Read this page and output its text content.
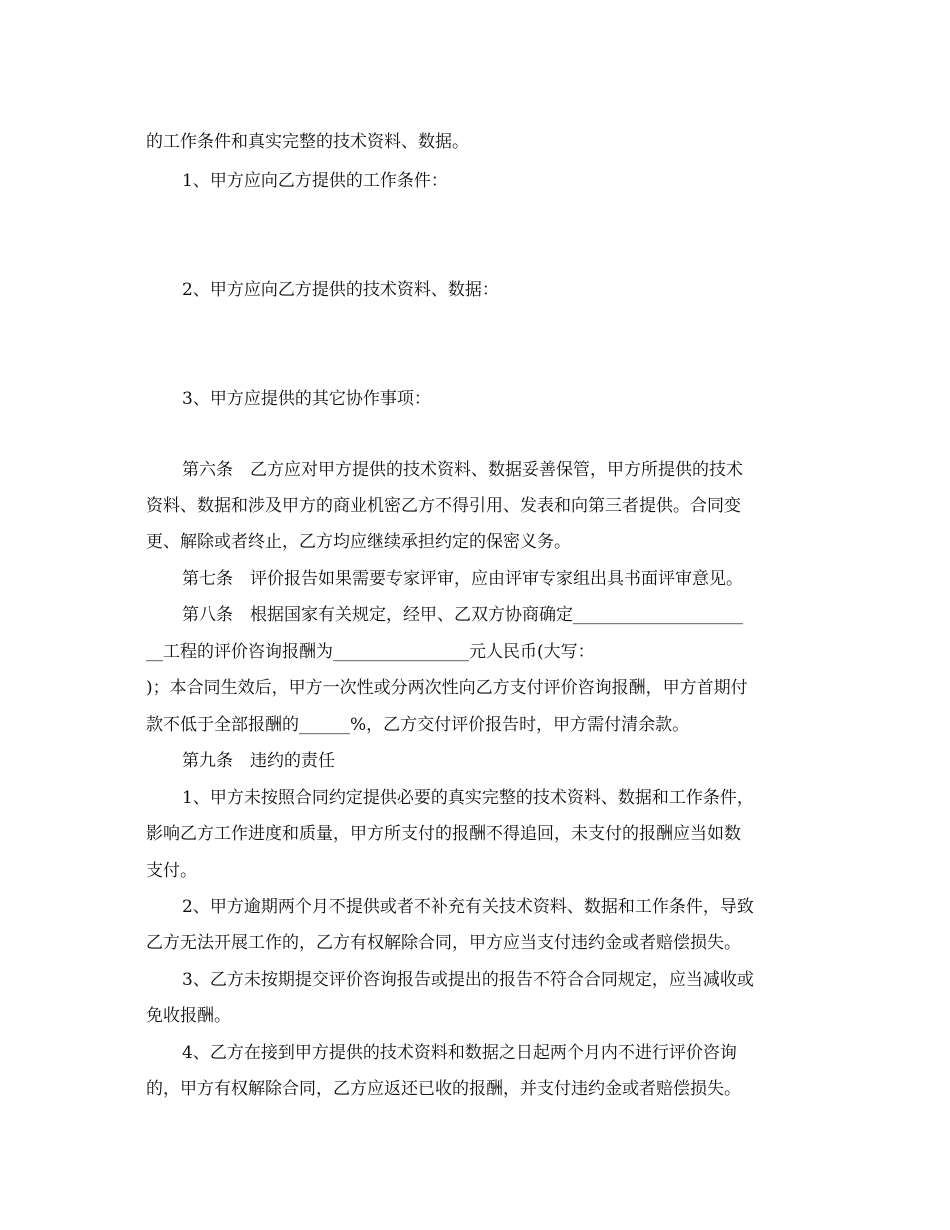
的工作条件和真实完整的技术资料、数据。
1、甲方应向乙方提供的工作条件：
2、甲方应向乙方提供的技术资料、数据：
3、甲方应提供的其它协作事项：
第六条　乙方应对甲方提供的技术资料、数据妥善保管，甲方所提供的技术
资料、数据和涉及甲方的商业机密乙方不得引用、发表和向第三者提供。合同变
更、解除或者终止，乙方均应继续承担约定的保密义务。
第七条　评价报告如果需要专家评审，应由评审专家组出具书面评审意见。
第八条　根据国家有关规定，经甲、乙双方协商确定____________________
__工程的评价咨询报酬为________________元人民币(大写：
)；本合同生效后，甲方一次性或分两次性向乙方支付评价咨询报酬，甲方首期付
款不低于全部报酬的______%，乙方交付评价报告时，甲方需付清余款。
第九条　违约的责任
1、甲方未按照合同约定提供必要的真实完整的技术资料、数据和工作条件，
影响乙方工作进度和质量，甲方所支付的报酬不得追回，未支付的报酬应当如数
支付。
2、甲方逾期两个月不提供或者不补充有关技术资料、数据和工作条件，导致
乙方无法开展工作的，乙方有权解除合同，甲方应当支付违约金或者赔偿损失。
3、乙方未按期提交评价咨询报告或提出的报告不符合合同规定，应当减收或
免收报酬。
4、乙方在接到甲方提供的技术资料和数据之日起两个月内不进行评价咨询
的，甲方有权解除合同，乙方应返还已收的报酬，并支付违约金或者赔偿损失。
